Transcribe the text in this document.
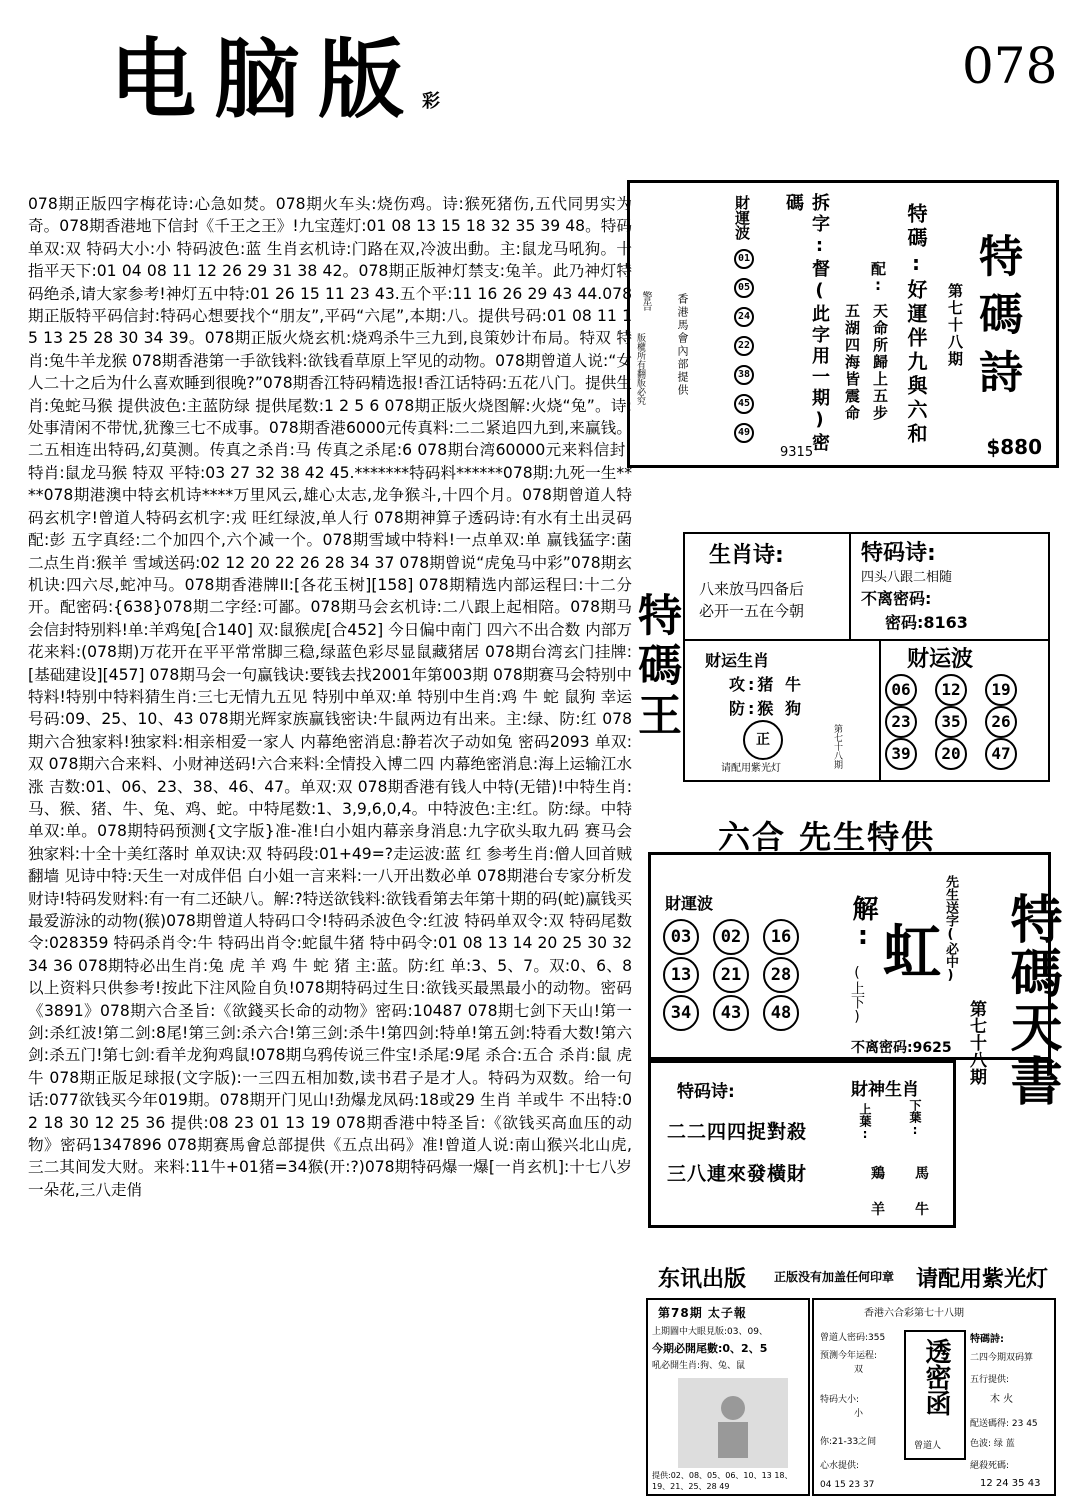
电脑版$^彩$
078

078期正版四字梅花诗:心急如焚。078期火车头:烧伤鸡。诗:猴死猪伤,五代同男实为奇。078期香港地下信封《千王之王》!九宝莲灯:01 08 13 15 18 32 35 39 48。特码单双:双 特码大小:小 特码波色:蓝 生肖玄机诗:门路在双,冷波出動。主:鼠龙马吼狗。十指平天下:01 04 08 11 12 26 29 31 38 42。078期正版神灯禁支:兔羊。此乃神灯特码绝杀,请大家参考!神灯五中特:01 26 15 11 23 43.五个平:11 16 26 29 43 44.078期正版特平码信封:特码心想要找个“朋友”,平码“六尾”,本期:八。提供号码:01 08 11 15 13 25 28 30 34 39。078期正版火烧玄机:烧鸡杀牛三九到,良策妙计布局。特双 特肖:兔牛羊龙猴 078期香港第一手欲钱料:欲钱看草原上罕见的动物。078期曾道人说:“女人二十之后为什么喜欢睡到很晚?”078期香江特码精选报!香江话特码:五花八门。提供生肖:兔蛇马猴 提供波色:主蓝防绿 提供尾数:1 2 5 6 078期正版火烧图解:火烧“兔”。诗:处事清闲不带忧,犹豫三七不成事。078期香港6000元传真料:二二紧追四九到,来赢钱。二五相连出特码,幻莫测。传真之杀肖:马 传真之杀尾:6 078期台湾60000元来料信封!特肖:鼠龙马猴 特双 平特:03 27 32 38 42 45.*******特码料******078期:九死一生****078期港澳中特玄机诗****万里风云,雄心太志,龙争猴斗,十四个月。078期曾道人特码玄机字!曾道人特码玄机字:戎 旺红绿波,单人行 078期神算子透码诗:有水有土出灵码 配:彭 五字真经:二个加四个,六个减一个。078期雪域中特料!一点单双:单 赢钱猛字:菌 二点生肖:猴羊 雪域送码:02 12 20 22 26 28 34 37 078期曾说“虎兔马中彩”078期玄机诀:四六尽,蛇冲马。078期香港牌II:[各花玉树][158] 078期精选内部运程曰:十二分开。配密码:{638}078期二字经:可鄙。078期马会玄机诗:二八跟上起相陪。078期马会信封特别料!单:羊鸡兔[合140] 双:鼠猴虎[合452] 今日偏中南门 四六不出合数 内部万花来料:(078期)万花开在平平常常脚三稳,绿蓝色彩尽显鼠藏猪居 078期台湾玄门挂牌:[基础建设][457] 078期马会一句赢钱诀:要钱去找2001年第003期 078期赛马会特别中特料!特别中特料猜生肖:三七无情九五见 特别中单双:单 特别中生肖:鸡 牛 蛇 鼠狗 幸运号码:09、25、10、43 078期光辉家族赢钱密诀:牛鼠两边有出来。主:绿、防:红 078期六合独家料!独家料:相亲相爱一家人 内幕绝密消息:静若次子动如兔 密码2093 单双:双 078期六合来料、小财神送码!六合来料:全情投入博二四 内幕绝密消息:海上运输江水涨 吉数:01、06、23、38、46、47。单双:双 078期香港有钱人中特(无错)!中特生肖:马、猴、猪、牛、兔、鸡、蛇。中特尾数:1、3,9,6,0,4。中特波色:主:红。防:绿。中特单双:单。078期特码预测{文字版}准-准!白小姐内幕亲身消息:九字砍头取九码 赛马会独家料:十全十美红落时 单双诀:双 特码段:01+49=?走运波:蓝 红 参考生肖:僧人回首贼翻墙 见诗中特:天生一对成伴侣 白小姐一言来料:一八开出数必单 078期港台专家分析发财诗!特码发财料:有一有二还缺八。解:?特送欲钱料:欲钱看第去年第十期的码(蛇)赢钱买最爱游泳的动物(猴)078期曾道人特码口令!特码杀波色令:红波 特码单双令:双 特码尾数令:028359 特码杀肖令:牛 特码出肖令:蛇鼠牛猪 特中码令:01 08 13 14 20 25 30 32 34 36 078期特必出生肖:兔 虎 羊 鸡 牛 蛇 猪 主:蓝。防:红 单:3、5、7。双:0、6、8 以上资料只供参考!按此下注风险自负!078期特码过生日:欲钱买最黑最小的动物。密码《3891》078期六合圣旨:《欲錢买长命的动物》密码:10487 078期七剑下天山!第一剑:杀红波!第二剑:8尾!第三剑:杀六合!第三剑:杀牛!第四剑:特单!第五剑:特看大数!第六剑:杀五门!第七剑:看羊龙狗鸡鼠!078期乌鸦传说三件宝!杀尾:9尾 杀合:五合 杀肖:鼠 虎 牛 078期正版足球报(文字版):一三四五相加数,读书君子是才人。特码为双数。给一句话:077欲钱买今年019期。078期开门见山!劲爆龙凤码:18或29 生肖 羊或牛 不出特:02 18 30 12 25 36 提供:08 23 01 13 19 078期香港中特圣旨:《欲钱买高血压的动物》密码1347896 078期赛馬會总部提供《五点出码》准!曾道人说:南山猴兴北山虎,三二其间发大财。来料:11牛+01猪=34猴(开:?)078期特码爆一爆[一肖玄机]:十七八岁一朵花,三八走俏

特碼詩
$880
第七十八期
特碼:好運伴九與六和
配:
天命所歸上五步
五湖四海皆震命
拆字:督(此字用一期)密碼
9315
財運波
01
05
24
22
38
45
49
香港馬會內部提供
版權所有翻版必究
警告
特碼王
生肖诗:
八来放马四备后
必开一五在今朝
特码诗:
四头八跟二相随
不离密码:
密码:8163
财运生肖
攻:猪 牛
防:猴 狗
正
请配用紫光灯	第七十八期
财运波
06	12	19
23	35	26
39	20	47
六合 先生特供
財運波
03	02	16
13	21	28
34	43	48
解:
(上下)
虹 先生送字(必中)
不离密码:9625 特碼天書
第七十八期
特码诗:
二二四四捉對殺
三八連來發橫財
財神生肖
上葉:	下葉:
鶏 馬
羊 牛
东讯出版 正版没有加盖任何印章 请配用紫光灯
第78期 太子報
上期圖中大眼見版:03、09、
今期必開尾數:0、2、5
吼必開生肖:狗、兔、鼠
提供:02、08、05、06、10、13 18、19、21、25、28 49
香港六合彩第七十八期
曾道人密码:355
预测今年运程:
双
特码大小:
小
你:21-33之间
心水提供:
04 15 23 37
透密函
曾道人
特碼詩:
二四今期双码算
五行提供:
木 火
配送碼得: 23 45
色波: 绿 蓝
絕殺死碼:
12 24 35 43
